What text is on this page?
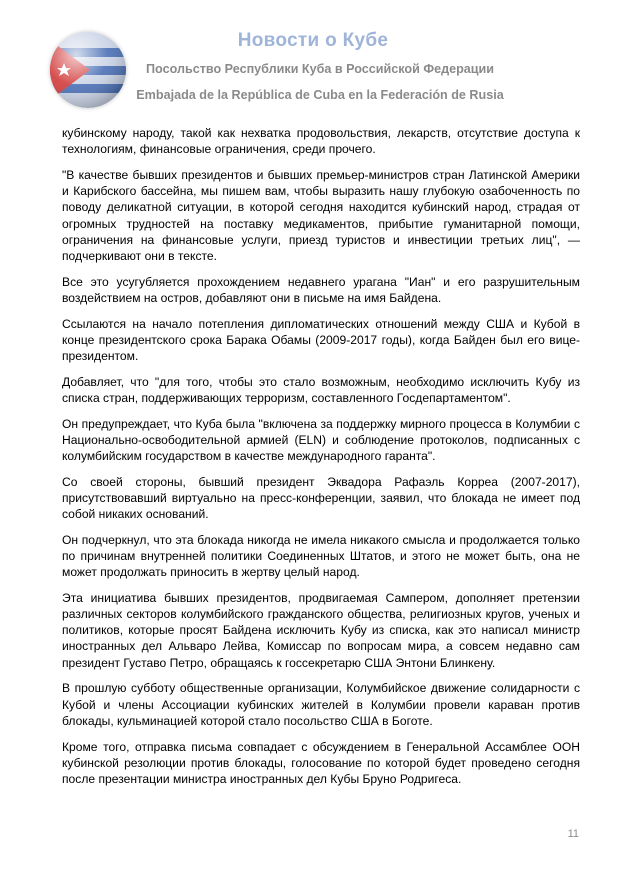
Новости о Кубе
Посольство Республики Куба в Российской Федерации
Embajada de la República de Cuba en la Federación de Rusia

кубинскому народу, такой как нехватка продовольствия, лекарств, отсутствие доступа к технологиям, финансовые ограничения, среди прочего.

"В качестве бывших президентов и бывших премьер-министров стран Латинской Америки и Карибского бассейна, мы пишем вам, чтобы выразить нашу глубокую озабоченность по поводу деликатной ситуации, в которой сегодня находится кубинский народ, страдая от огромных трудностей на поставку медикаментов, прибытие гуманитарной помощи, ограничения на финансовые услуги, приезд туристов и инвестиции третьих лиц", — подчеркивают они в тексте.

Все это усугубляется прохождением недавнего урагана "Иан" и его разрушительным воздействием на остров, добавляют они в письме на имя Байдена.

Ссылаются на начало потепления дипломатических отношений между США и Кубой в конце президентского срока Барака Обамы (2009-2017 годы), когда Байден был его вице-президентом.

Добавляет, что "для того, чтобы это стало возможным, необходимо исключить Кубу из списка стран, поддерживающих терроризм, составленного Госдепартаментом".

Он предупреждает, что Куба была "включена за поддержку мирного процесса в Колумбии с Национально-освободительной армией (ELN) и соблюдение протоколов, подписанных с колумбийским государством в качестве международного гаранта".

Со своей стороны, бывший президент Эквадора Рафаэль Корреа (2007-2017), присутствовавший виртуально на пресс-конференции, заявил, что блокада не имеет под собой никаких оснований.

Он подчеркнул, что эта блокада никогда не имела никакого смысла и продолжается только по причинам внутренней политики Соединенных Штатов, и этого не может быть, она не может продолжать приносить в жертву целый народ.

Эта инициатива бывших президентов, продвигаемая Сампером, дополняет претензии различных секторов колумбийского гражданского общества, религиозных кругов, ученых и политиков, которые просят Байдена исключить Кубу из списка, как это написал министр иностранных дел Альваро Лейва, Комиссар по вопросам мира, а совсем недавно сам президент Густаво Петро, обращаясь к госсекретарю США Энтони Блинкену.

В прошлую субботу общественные организации, Колумбийское движение солидарности с Кубой и члены Ассоциации кубинских жителей в Колумбии провели караван против блокады, кульминацией которой стало посольство США в Боготе.

Кроме того, отправка письма совпадает с обсуждением в Генеральной Ассамблее ООН кубинской резолюции против блокады, голосование по которой будет проведено сегодня после презентации министра иностранных дел Кубы Бруно Родригеса.

11
